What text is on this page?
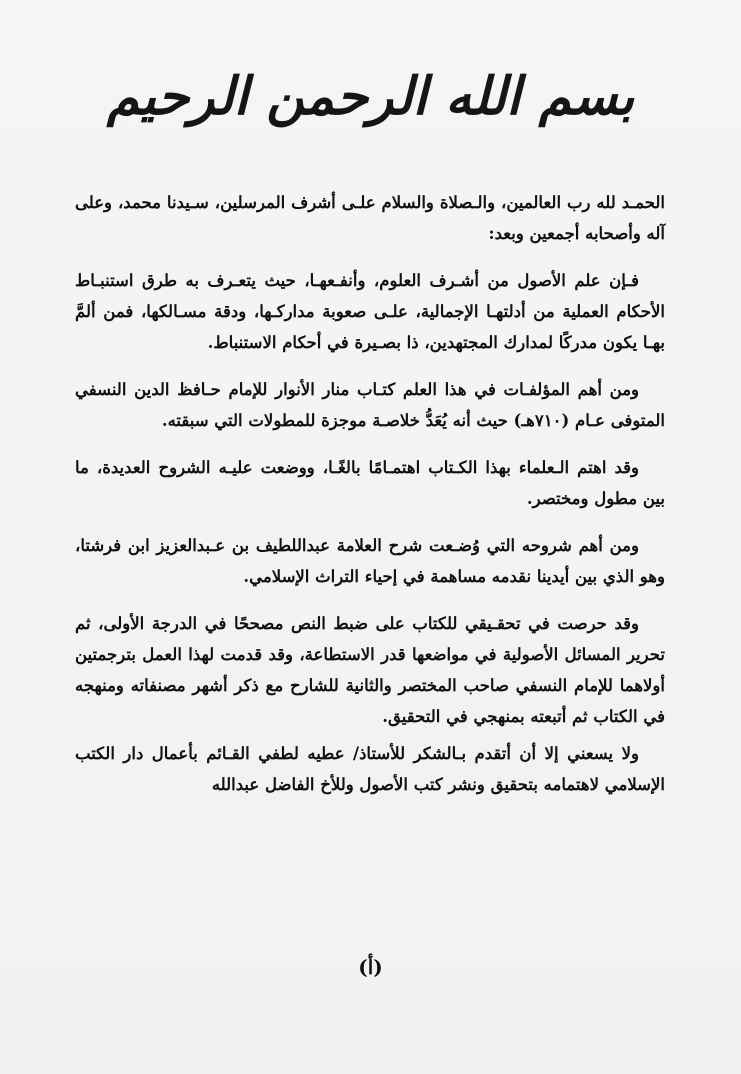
بسم الله الرحمن الرحيم

الحمـد لله رب العالمين، والـصلاة والسلام علـى أشرف المرسلين، سـيدنا محمد، وعلى آله وأصحابه أجمعين وبعد:

فـإن علم الأصول من أشـرف العلوم، وأنفـعهـا، حيث يتعـرف به طرق استنبـاط الأحكام العملية من أدلتهـا الإجمالية، علـى صعوبة مداركـها، ودقة مسـالكها، فمن ألمَّ بهـا يكون مدركًا لمدارك المجتهدين، ذا بصـيرة في أحكام الاستنباط.

ومن أهم المؤلفـات في هذا العلم كتـاب منار الأنوار للإمام حـافظ الدين النسفي المتوفى عـام (٧١٠هـ) حيث أنه يُعَدُّ خلاصـة موجزة للمطولات التي سبقته.

وقد اهتم الـعلماء بهذا الكـتاب اهتمـامًا بالغًـا، ووضعت عليـه الشروح العديدة، ما بين مطول ومختصر.

ومن أهم شروحه التي وُضـعت شرح العلامة عبداللطيف بن عـبدالعزيز ابن فرشتا، وهو الذي بين أيدينا نقدمه مساهمة في إحياء التراث الإسلامي.

وقد حرصت في تحقـيقي للكتاب على ضبط النص مصححًا في الدرجة الأولى، ثم تحرير المسائل الأصولية في مواضعها قدر الاستطاعة، وقد قدمت لهذا العمل بترجمتين أولاهما للإمام النسفي صاحب المختصر والثانية للشارح مع ذكر أشهر مصنفاته ومنهجه في الكتاب ثم أتبعته بمنهجي في التحقيق.

ولا يسعني إلا أن أتقدم بـالشكر للأستاذ/ عطيه لطفي القـائم بأعمال دار الكتب الإسلامي لاهتمامه بتحقيق ونشر كتب الأصول وللأخ الفاضل عبدالله

(أ)
